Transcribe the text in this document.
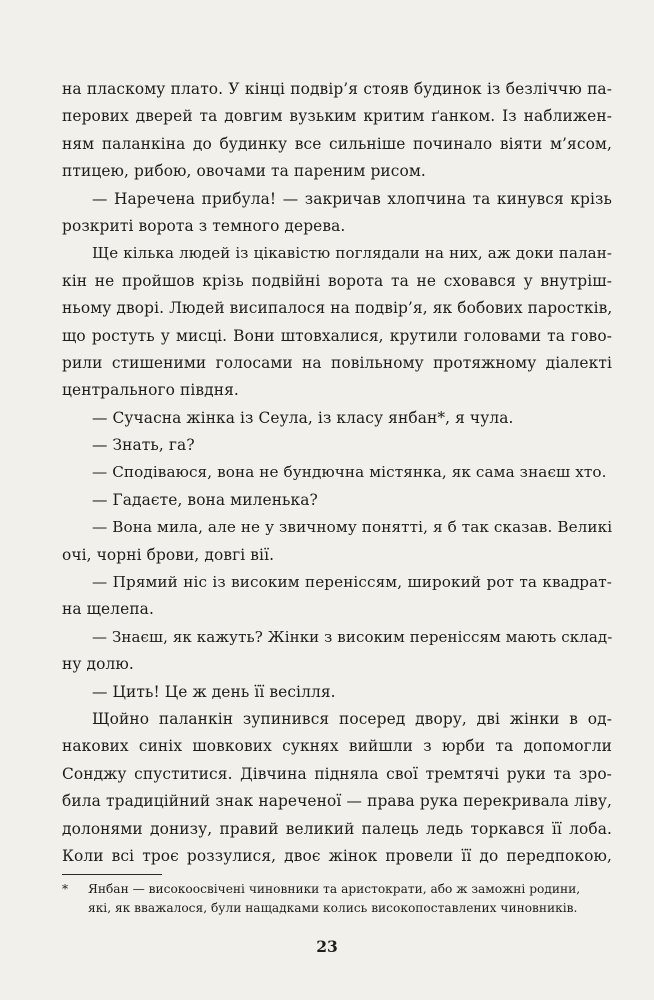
на пласкому плато. У кінці подвір’я стояв будинок із безліччю па-
перових дверей та довгим вузьким критим ґанком. Із наближен-
ням паланкіна до будинку все сильніше починало віяти м’ясом,
птицею, рибою, овочами та пареним рисом.
— Наречена прибула! — закричав хлопчина та кинувся крізь
розкриті ворота з темного дерева.
Ще кілька людей із цікавістю поглядали на них, аж доки палан-
кін не пройшов крізь подвійні ворота та не сховався у внутріш-
ньому дворі. Людей висипалося на подвір’я, як бобових паростків,
що ростуть у мисці. Вони штовхалися, крутили головами та гово-
рили стишеними голосами на повільному протяжному діалекті
центрального півдня.
— Сучасна жінка із Сеула, із класу янбан*, я чула.
— Знать, га?
— Сподіваюся, вона не бундючна містянка, як сама знаєш хто.
— Гадаєте, вона миленька?
— Вона мила, але не у звичному понятті, я б так сказав. Великі
очі, чорні брови, довгі вії.
— Прямий ніс із високим переніссям, широкий рот та квадрат-
на щелепа.
— Знаєш, як кажуть? Жінки з високим переніссям мають склад-
ну долю.
— Цить! Це ж день її весілля.
Щойно паланкін зупинився посеред двору, дві жінки в од-
накових синіх шовкових сукнях вийшли з юрби та допомогли
Сонджу спуститися. Дівчина підняла свої тремтячі руки та зро-
била традиційний знак нареченої — права рука перекривала ліву,
долонями донизу, правий великий палець ледь торкався її лоба.
Коли всі троє роззулися, двоє жінок провели її до передпокою,
* Янбан — високоосвічені чиновники та аристократи, або ж заможні родини,
які, як вважалося, були нащадками колись високопоставлених чиновників.
23
